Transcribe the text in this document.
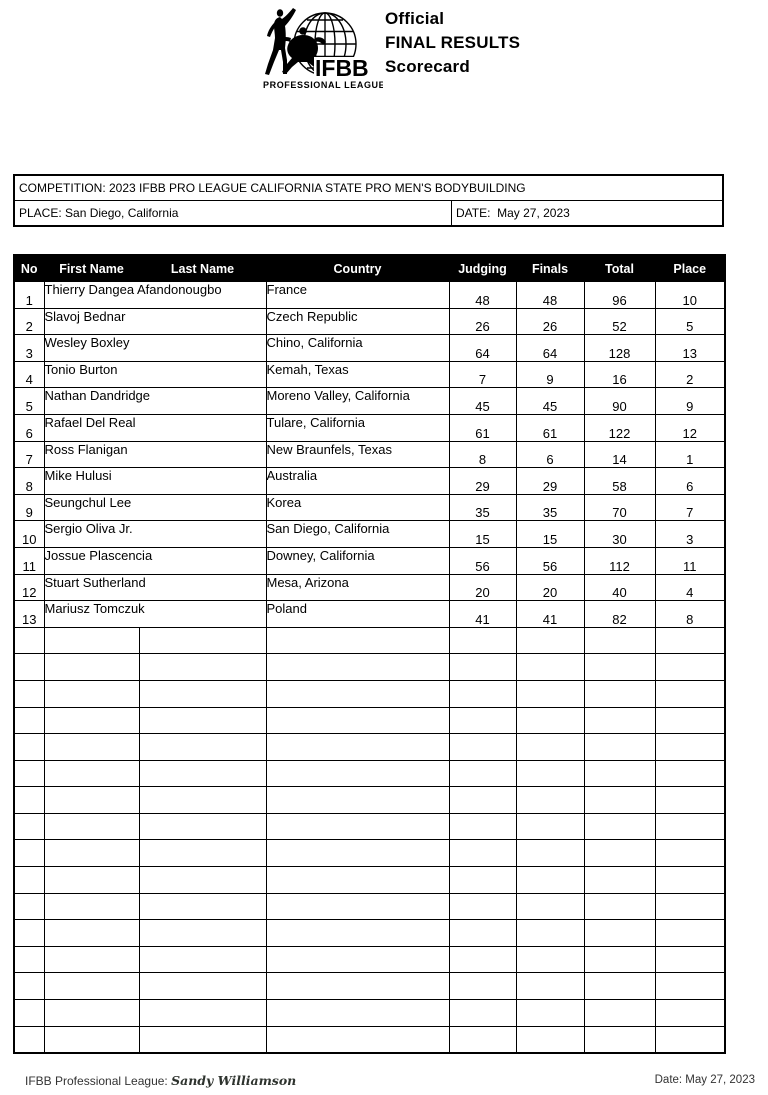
IFBB
PROFESSIONAL LEAGUE
Official
FINAL RESULTS
Scorecard
COMPETITION: 2023 IFBB PRO LEAGUE CALIFORNIA STATE PRO MEN'S BODYBUILDING
PLACE: San Diego, California	DATE:  May 27, 2023
No	First Name	Last Name	Country	Judging	Finals	Total	Place
1	Thierry Dangea Afandonougbo		France	48	48	96	10
2	Slavoj Bednar		Czech Republic	26	26	52	5
3	Wesley Boxley		Chino, California	64	64	128	13
4	Tonio Burton		Kemah, Texas	7	9	16	2
5	Nathan Dandridge		Moreno Valley, California	45	45	90	9
6	Rafael Del Real		Tulare, California	61	61	122	12
7	Ross Flanigan		New Braunfels, Texas	8	6	14	1
8	Mike Hulusi		Australia	29	29	58	6
9	Seungchul Lee		Korea	35	35	70	7
10	Sergio Oliva Jr.		San Diego, California	15	15	30	3
11	Jossue Plascencia		Downey, California	56	56	112	11
12	Stuart Sutherland		Mesa, Arizona	20	20	40	4
13	Mariusz Tomczuk		Poland	41	41	82	8

IFBB Professional League: Sandy Williamson	Date: May 27, 2023
